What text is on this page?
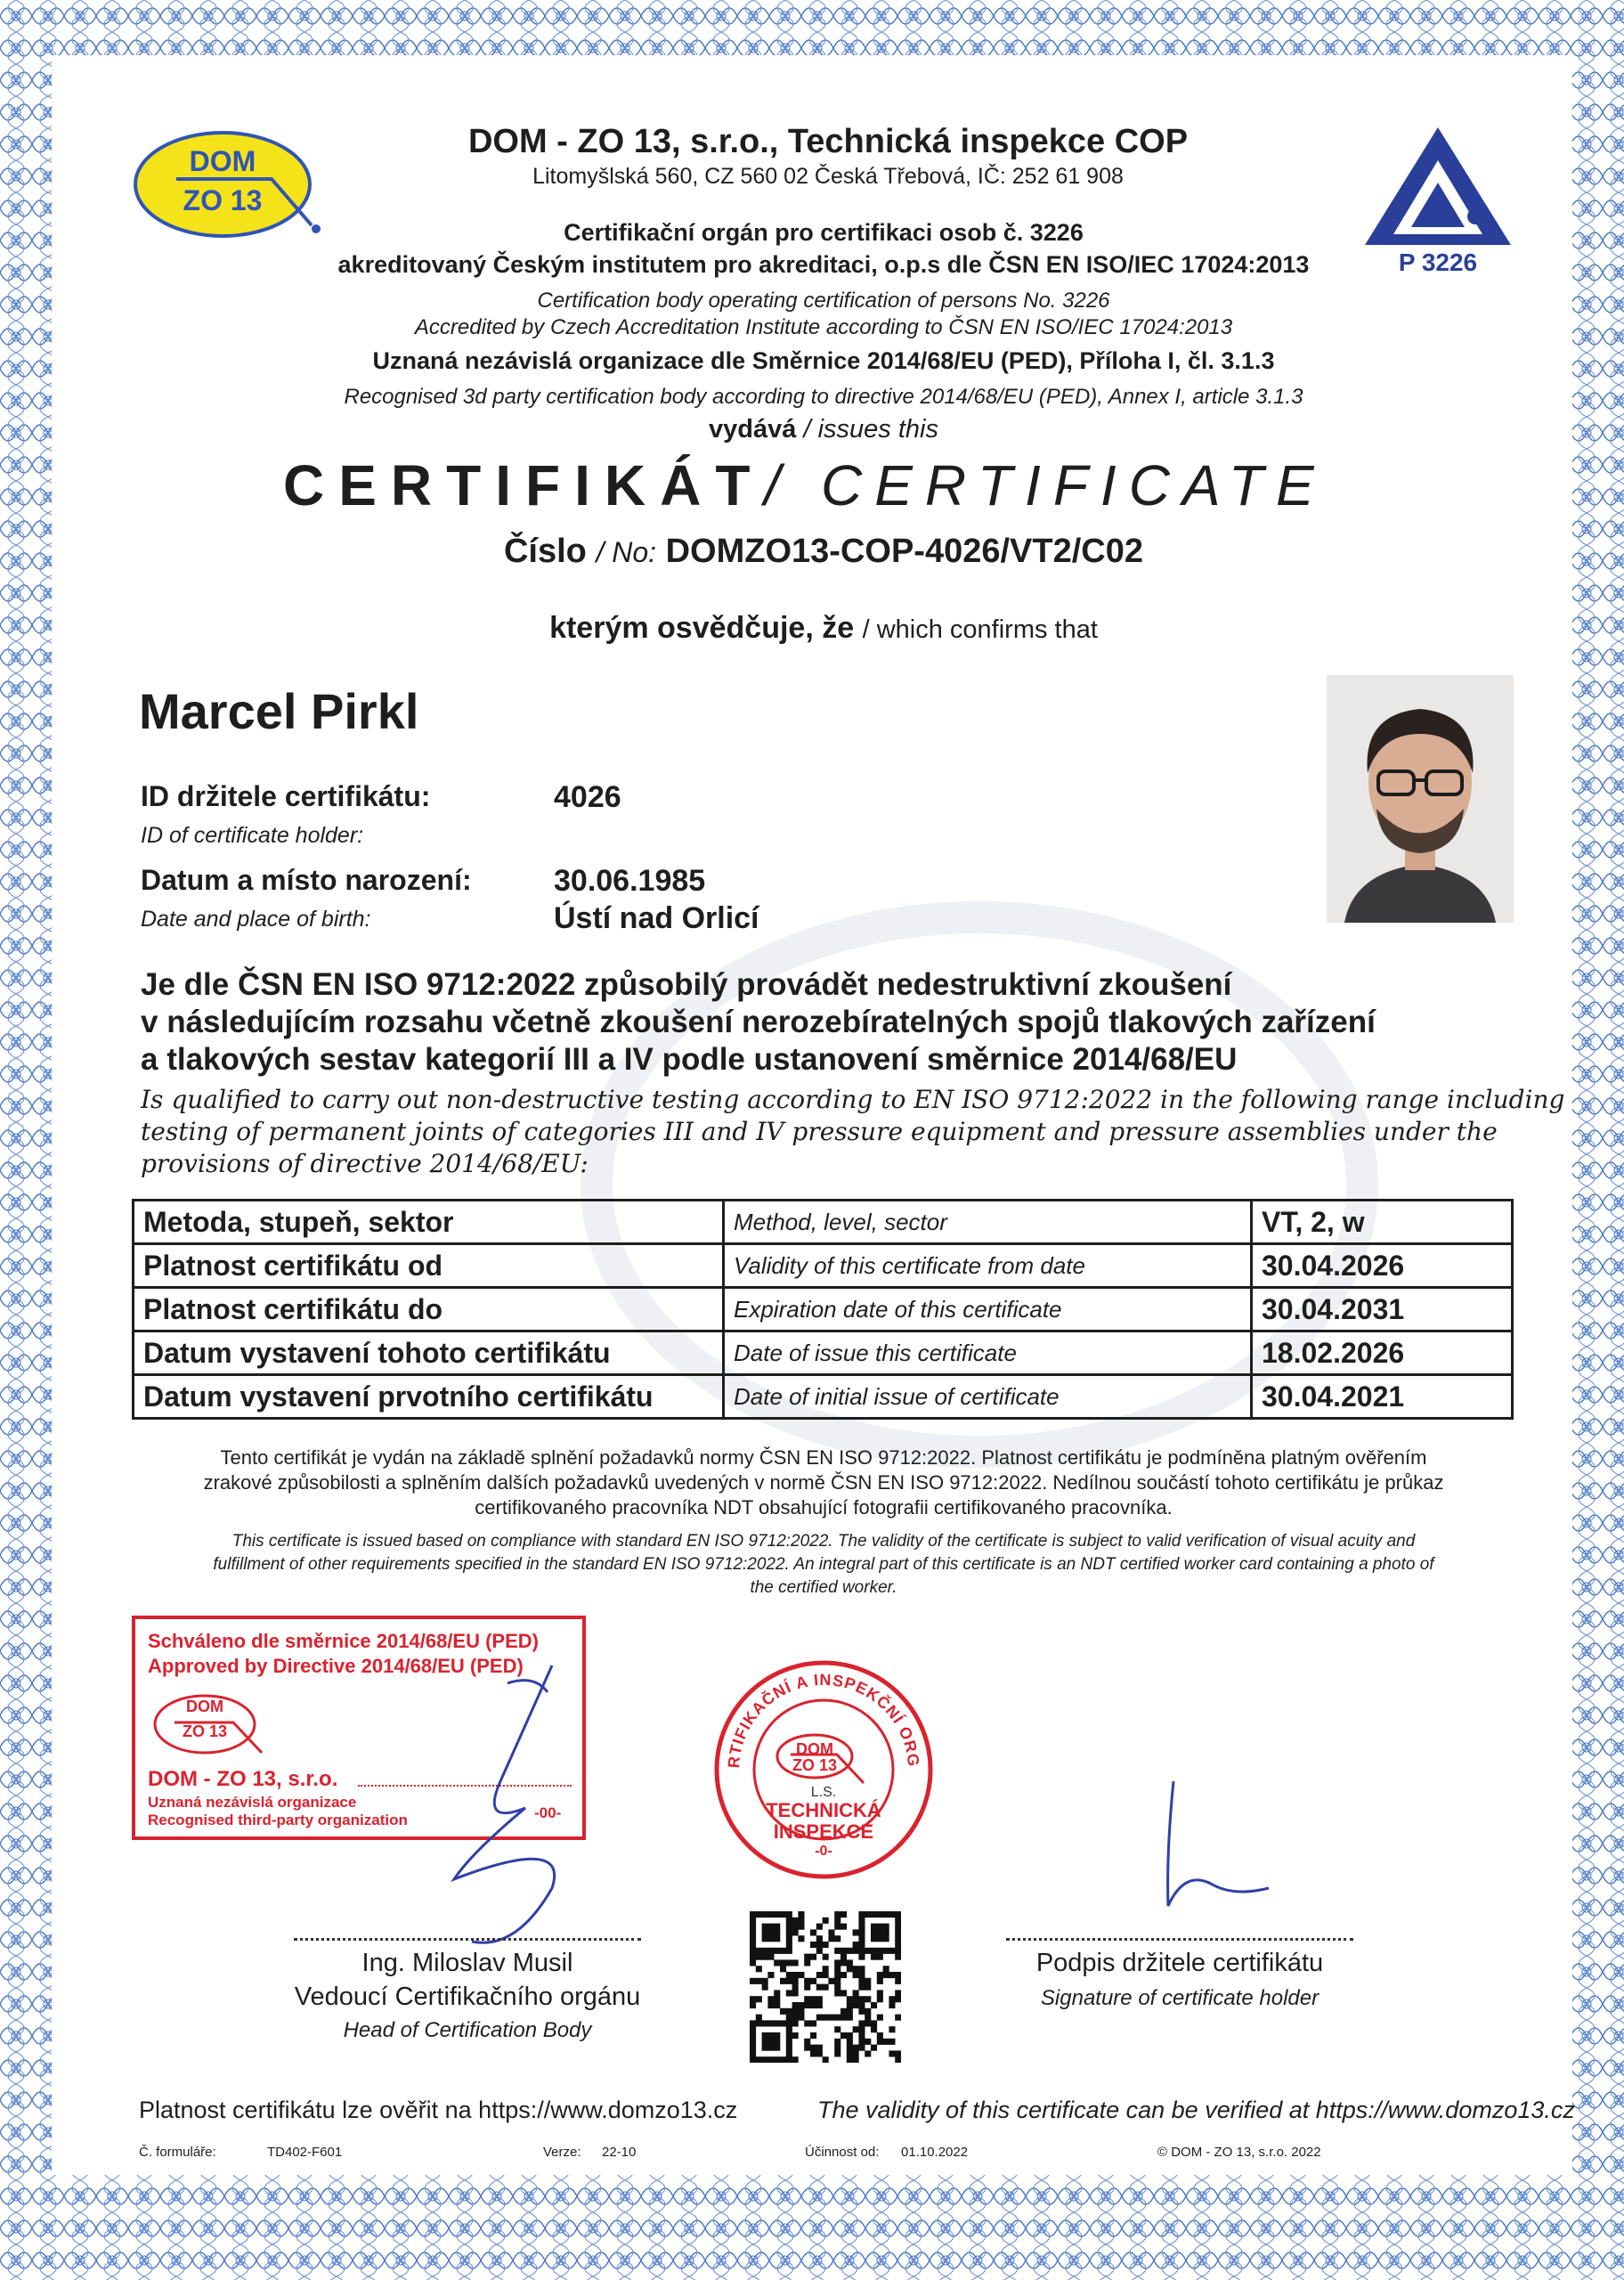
DOM
ZO 13
P 3226
DOM - ZO 13, s.r.o., Technická inspekce COP
Litomyšlská 560, CZ 560 02 Česká Třebová, IČ: 252 61 908
Certifikační orgán pro certifikaci osob č. 3226
akreditovaný Českým institutem pro akreditaci, o.p.s dle ČSN EN ISO/IEC 17024:2013
Certification body operating certification of persons No. 3226
Accredited by Czech Accreditation Institute according to ČSN EN ISO/IEC 17024:2013
Uznaná nezávislá organizace dle Směrnice 2014/68/EU (PED), Příloha I, čl. 3.1.3
Recognised 3d party certification body according to directive 2014/68/EU (PED), Annex I, article 3.1.3
vydává / issues this
CERTIFIKÁT/ CERTIFICATE
Číslo / No: DOMZO13-COP-4026/VT2/C02
kterým osvědčuje, že / which confirms that
Marcel Pirkl
ID držitele certifikátu:
ID of certificate holder:
4026
Datum a místo narození:
Date and place of birth:
30.06.1985
Ústí nad Orlicí
Je dle ČSN EN ISO 9712:2022 způsobilý provádět nedestruktivní zkoušení
v následujícím rozsahu včetně zkoušení nerozebíratelných spojů tlakových zařízení
a tlakových sestav kategorií III a IV podle ustanovení směrnice 2014/68/EU
Is qualified to carry out non-destructive testing according to EN ISO 9712:2022 in the following range including
testing of permanent joints of categories III and IV pressure equipment and pressure assemblies under the
provisions of directive 2014/68/EU:
Metoda, stupeň, sektor	Method, level, sector	VT, 2, w
Platnost certifikátu od	Validity of this certificate from date	30.04.2026
Platnost certifikátu do	Expiration date of this certificate	30.04.2031
Datum vystavení tohoto certifikátu	Date of issue this certificate	18.02.2026
Datum vystavení prvotního certifikátu	Date of initial issue of certificate	30.04.2021
Tento certifikát je vydán na základě splnění požadavků normy ČSN EN ISO 9712:2022. Platnost certifikátu je podmíněna platným ověřením
zrakové způsobilosti a splněním dalších požadavků uvedených v normě ČSN EN ISO 9712:2022. Nedílnou součástí tohoto certifikátu je průkaz
certifikovaného pracovníka NDT obsahující fotografii certifikovaného pracovníka.
This certificate is issued based on compliance with standard EN ISO 9712:2022. The validity of the certificate is subject to valid verification of visual acuity and
fulfillment of other requirements specified in the standard EN ISO 9712:2022. An integral part of this certificate is an NDT certified worker card containing a photo of
the certified worker.
Schváleno dle směrnice 2014/68/EU (PED)
Approved by Directive 2014/68/EU (PED)
DOM
ZO 13
DOM - ZO 13, s.r.o.
Uznaná nezávislá organizace
Recognised third-party organization	-00-
RTIFIKAČNÍ A INSPEKČNÍ ORG
DOM
ZO 13
L.S.
TECHNICKÁ
INSPEKCE
-0-
Ing. Miloslav Musil
Vedoucí Certifikačního orgánu
Head of Certification Body
Podpis držitele certifikátu
Signature of certificate holder
Platnost certifikátu lze ověřit na https://www.domzo13.cz	The validity of this certificate can be verified at https://www.domzo13.cz
Č. formuláře:	TD402-F601	Verze: 22-10	Účinnost od: 01.10.2022	© DOM - ZO 13, s.r.o. 2022
